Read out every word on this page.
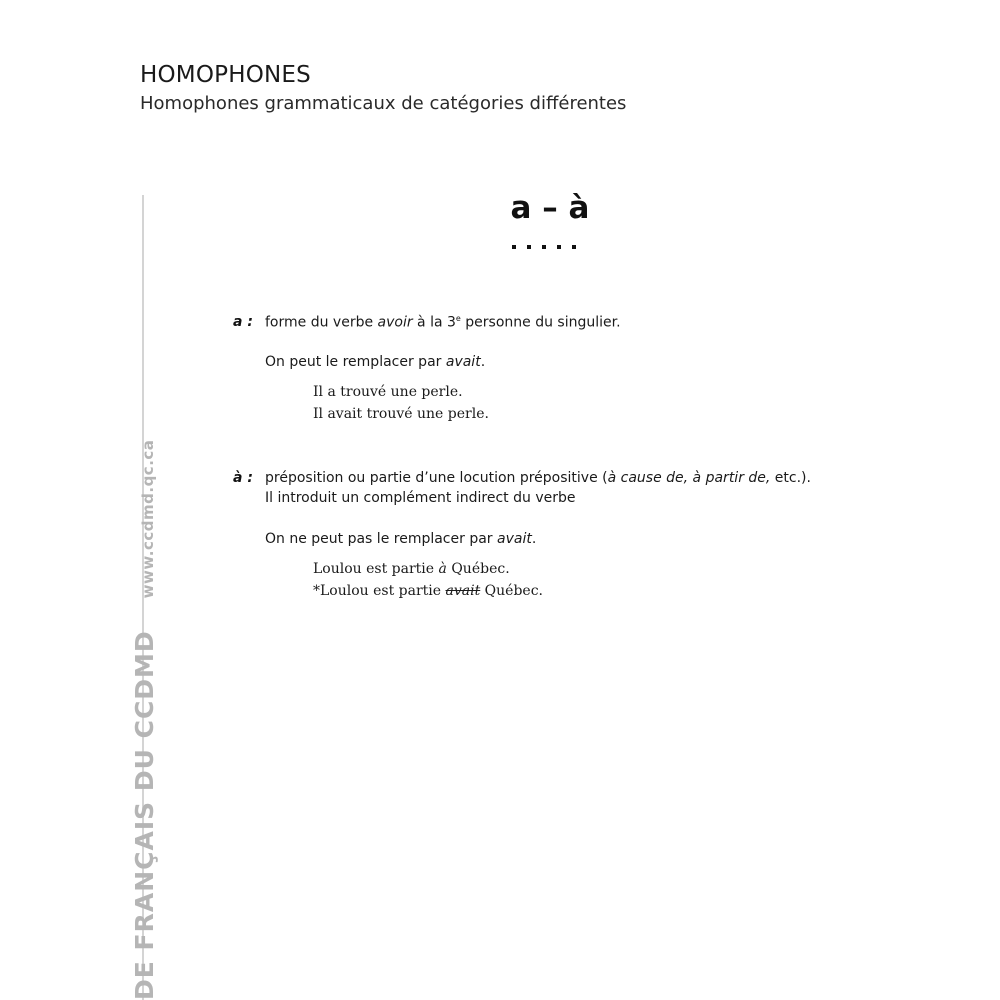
HOMOPHONES
Homophones grammaticaux de catégories différentes
DE FRANÇAIS DU CCDMD
www.ccdmd.qc.ca
a – à
a : forme du verbe avoir à la 3e personne du singulier.
On peut le remplacer par avait.
Il a trouvé une perle.
Il avait trouvé une perle.
à : préposition ou partie d’une locution prépositive (à cause de, à partir de, etc.).
Il introduit un complément indirect du verbe
On ne peut pas le remplacer par avait.
Loulou est partie à Québec.
*Loulou est partie avait Québec.
